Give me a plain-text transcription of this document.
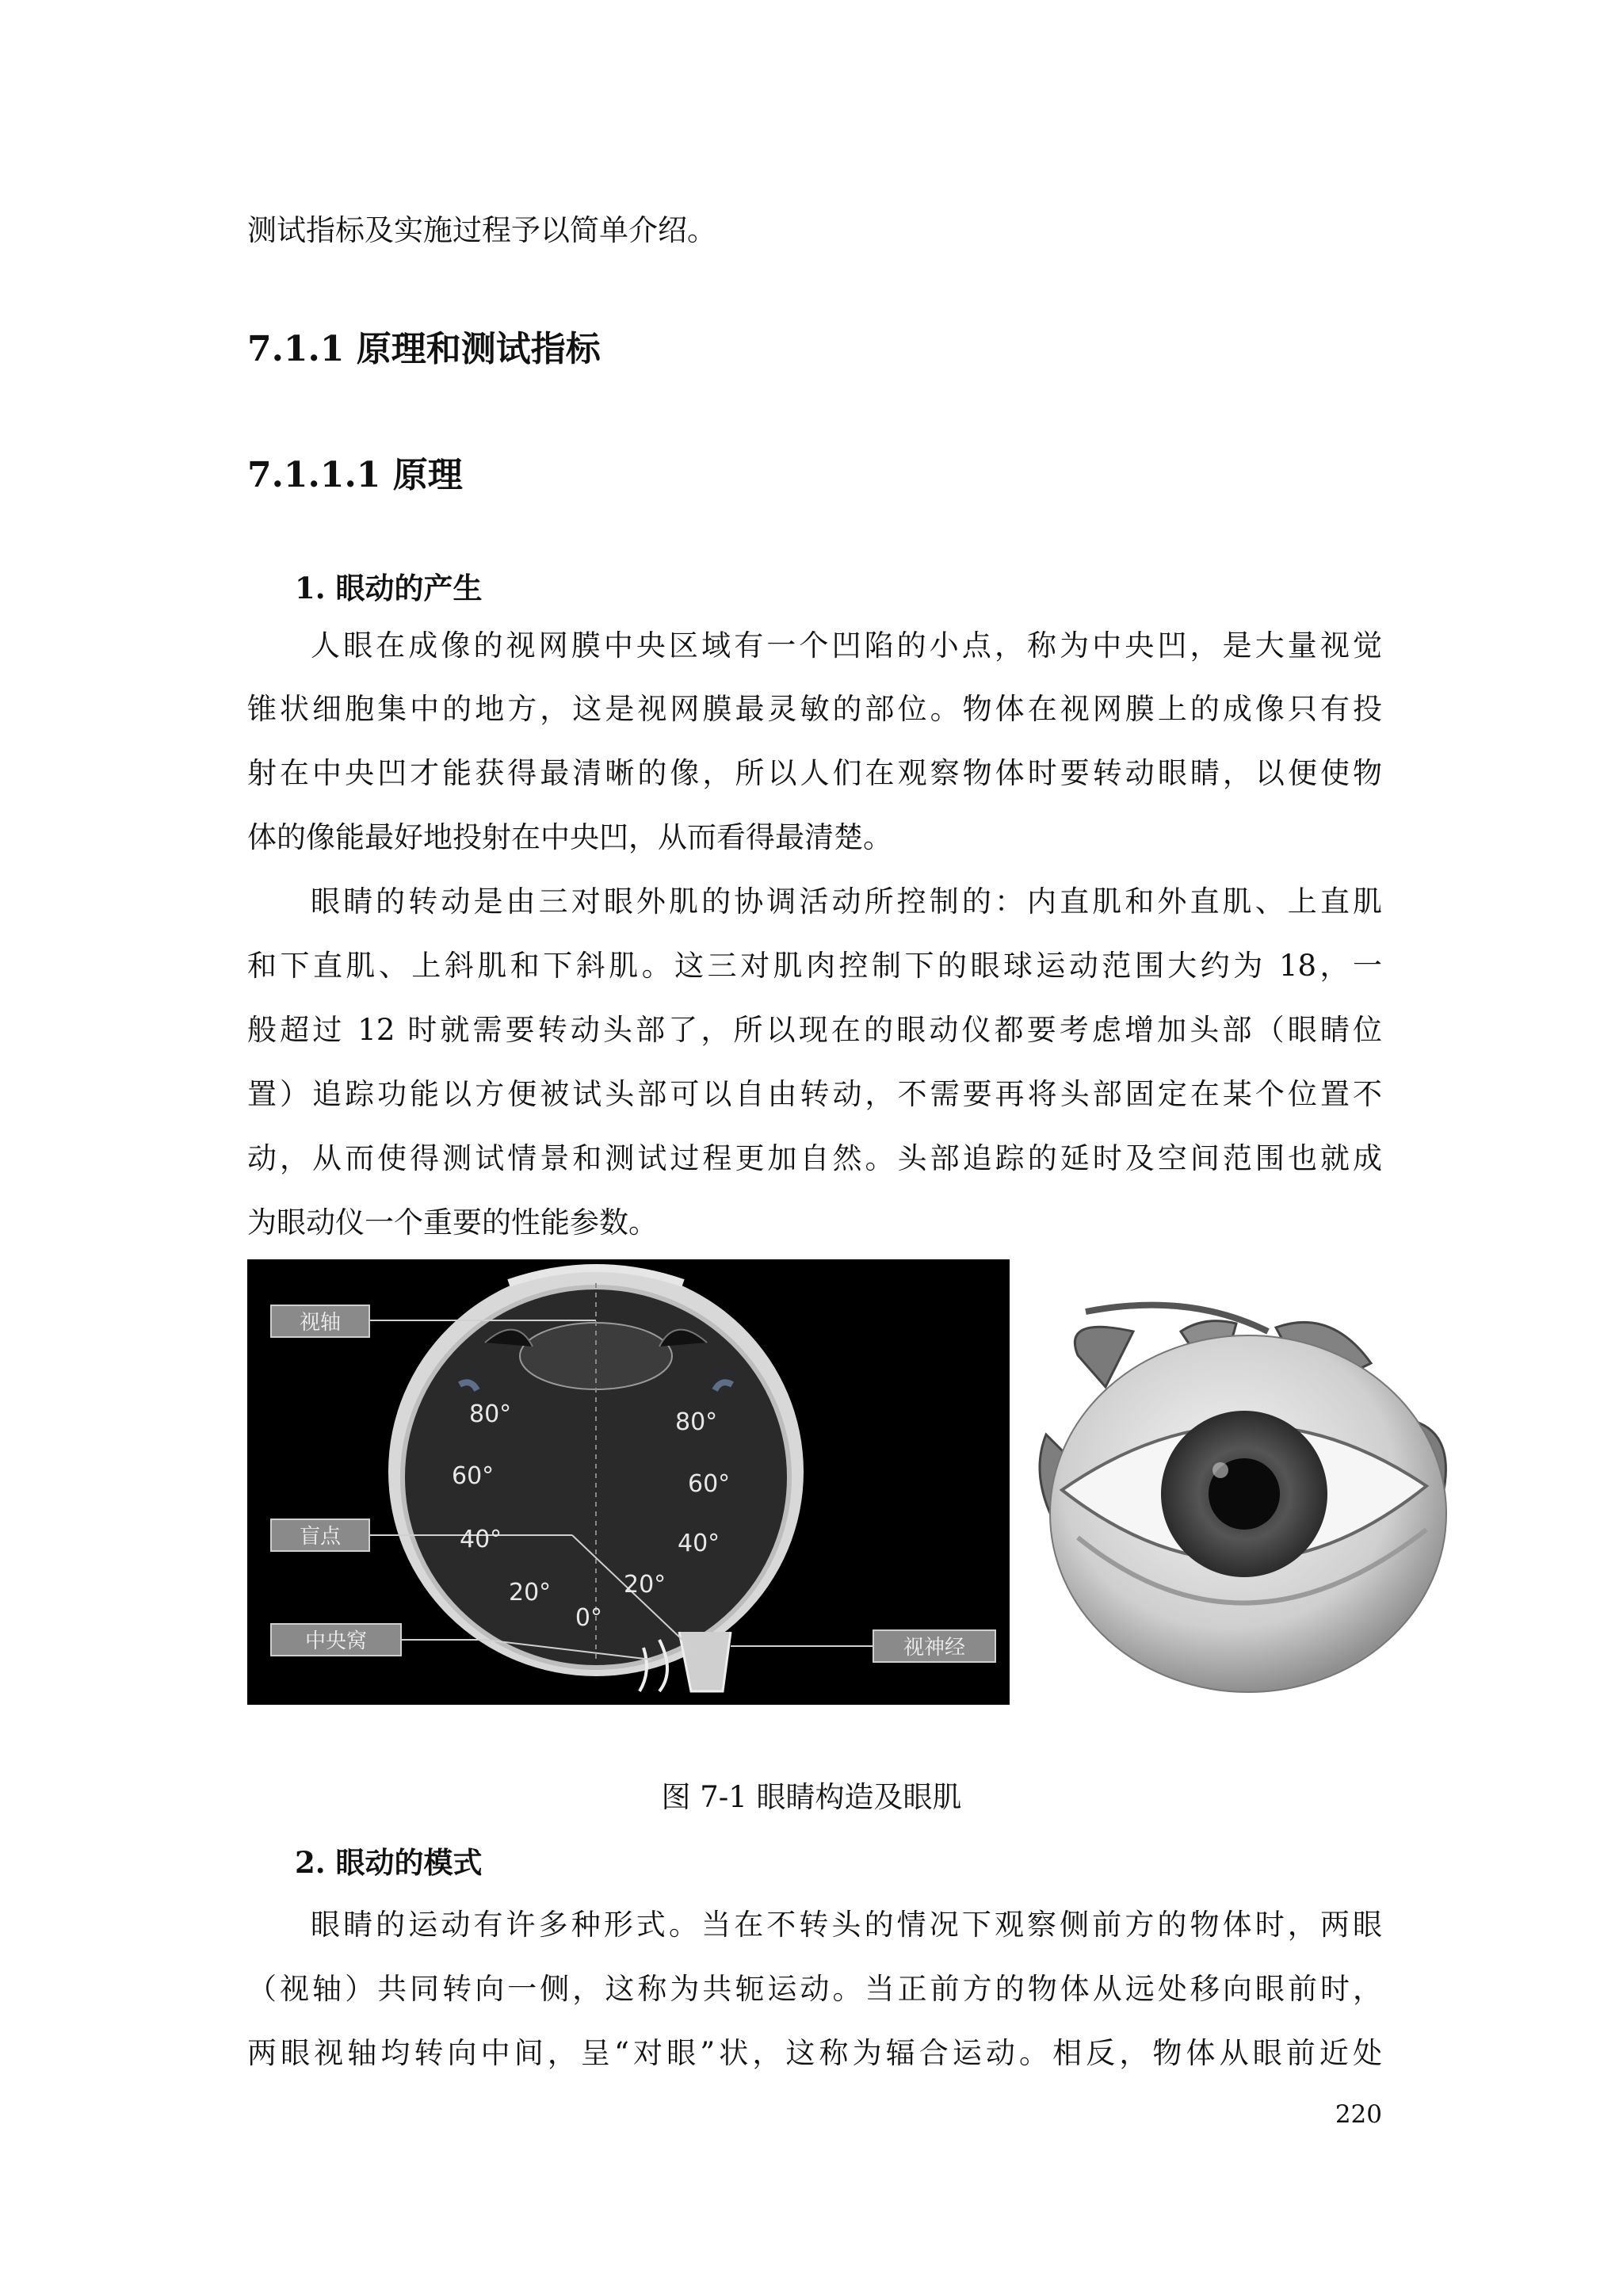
测试指标及实施过程予以简单介绍。
7.1.1 原理和测试指标
7.1.1.1 原理
1. 眼动的产生
人眼在成像的视网膜中央区域有一个凹陷的小点，称为中央凹，是大量视觉
锥状细胞集中的地方，这是视网膜最灵敏的部位。物体在视网膜上的成像只有投
射在中央凹才能获得最清晰的像，所以人们在观察物体时要转动眼睛，以便使物
体的像能最好地投射在中央凹，从而看得最清楚。
眼睛的转动是由三对眼外肌的协调活动所控制的：内直肌和外直肌、上直肌
和下直肌、上斜肌和下斜肌。这三对肌肉控制下的眼球运动范围大约为 18，一
般超过 12 时就需要转动头部了，所以现在的眼动仪都要考虑增加头部（眼睛位
置）追踪功能以方便被试头部可以自由转动，不需要再将头部固定在某个位置不
动，从而使得测试情景和测试过程更加自然。头部追踪的延时及空间范围也就成
为眼动仪一个重要的性能参数。
视轴
盲点
中央窝	视神经
80°
60°
40°
20°
80°
60°
40°
20°
0°
图 7-1 眼睛构造及眼肌
2. 眼动的模式
眼睛的运动有许多种形式。当在不转头的情况下观察侧前方的物体时，两眼
（视轴）共同转向一侧，这称为共轭运动。当正前方的物体从远处移向眼前时，
两眼视轴均转向中间，呈“对眼”状，这称为辐合运动。相反，物体从眼前近处
220
